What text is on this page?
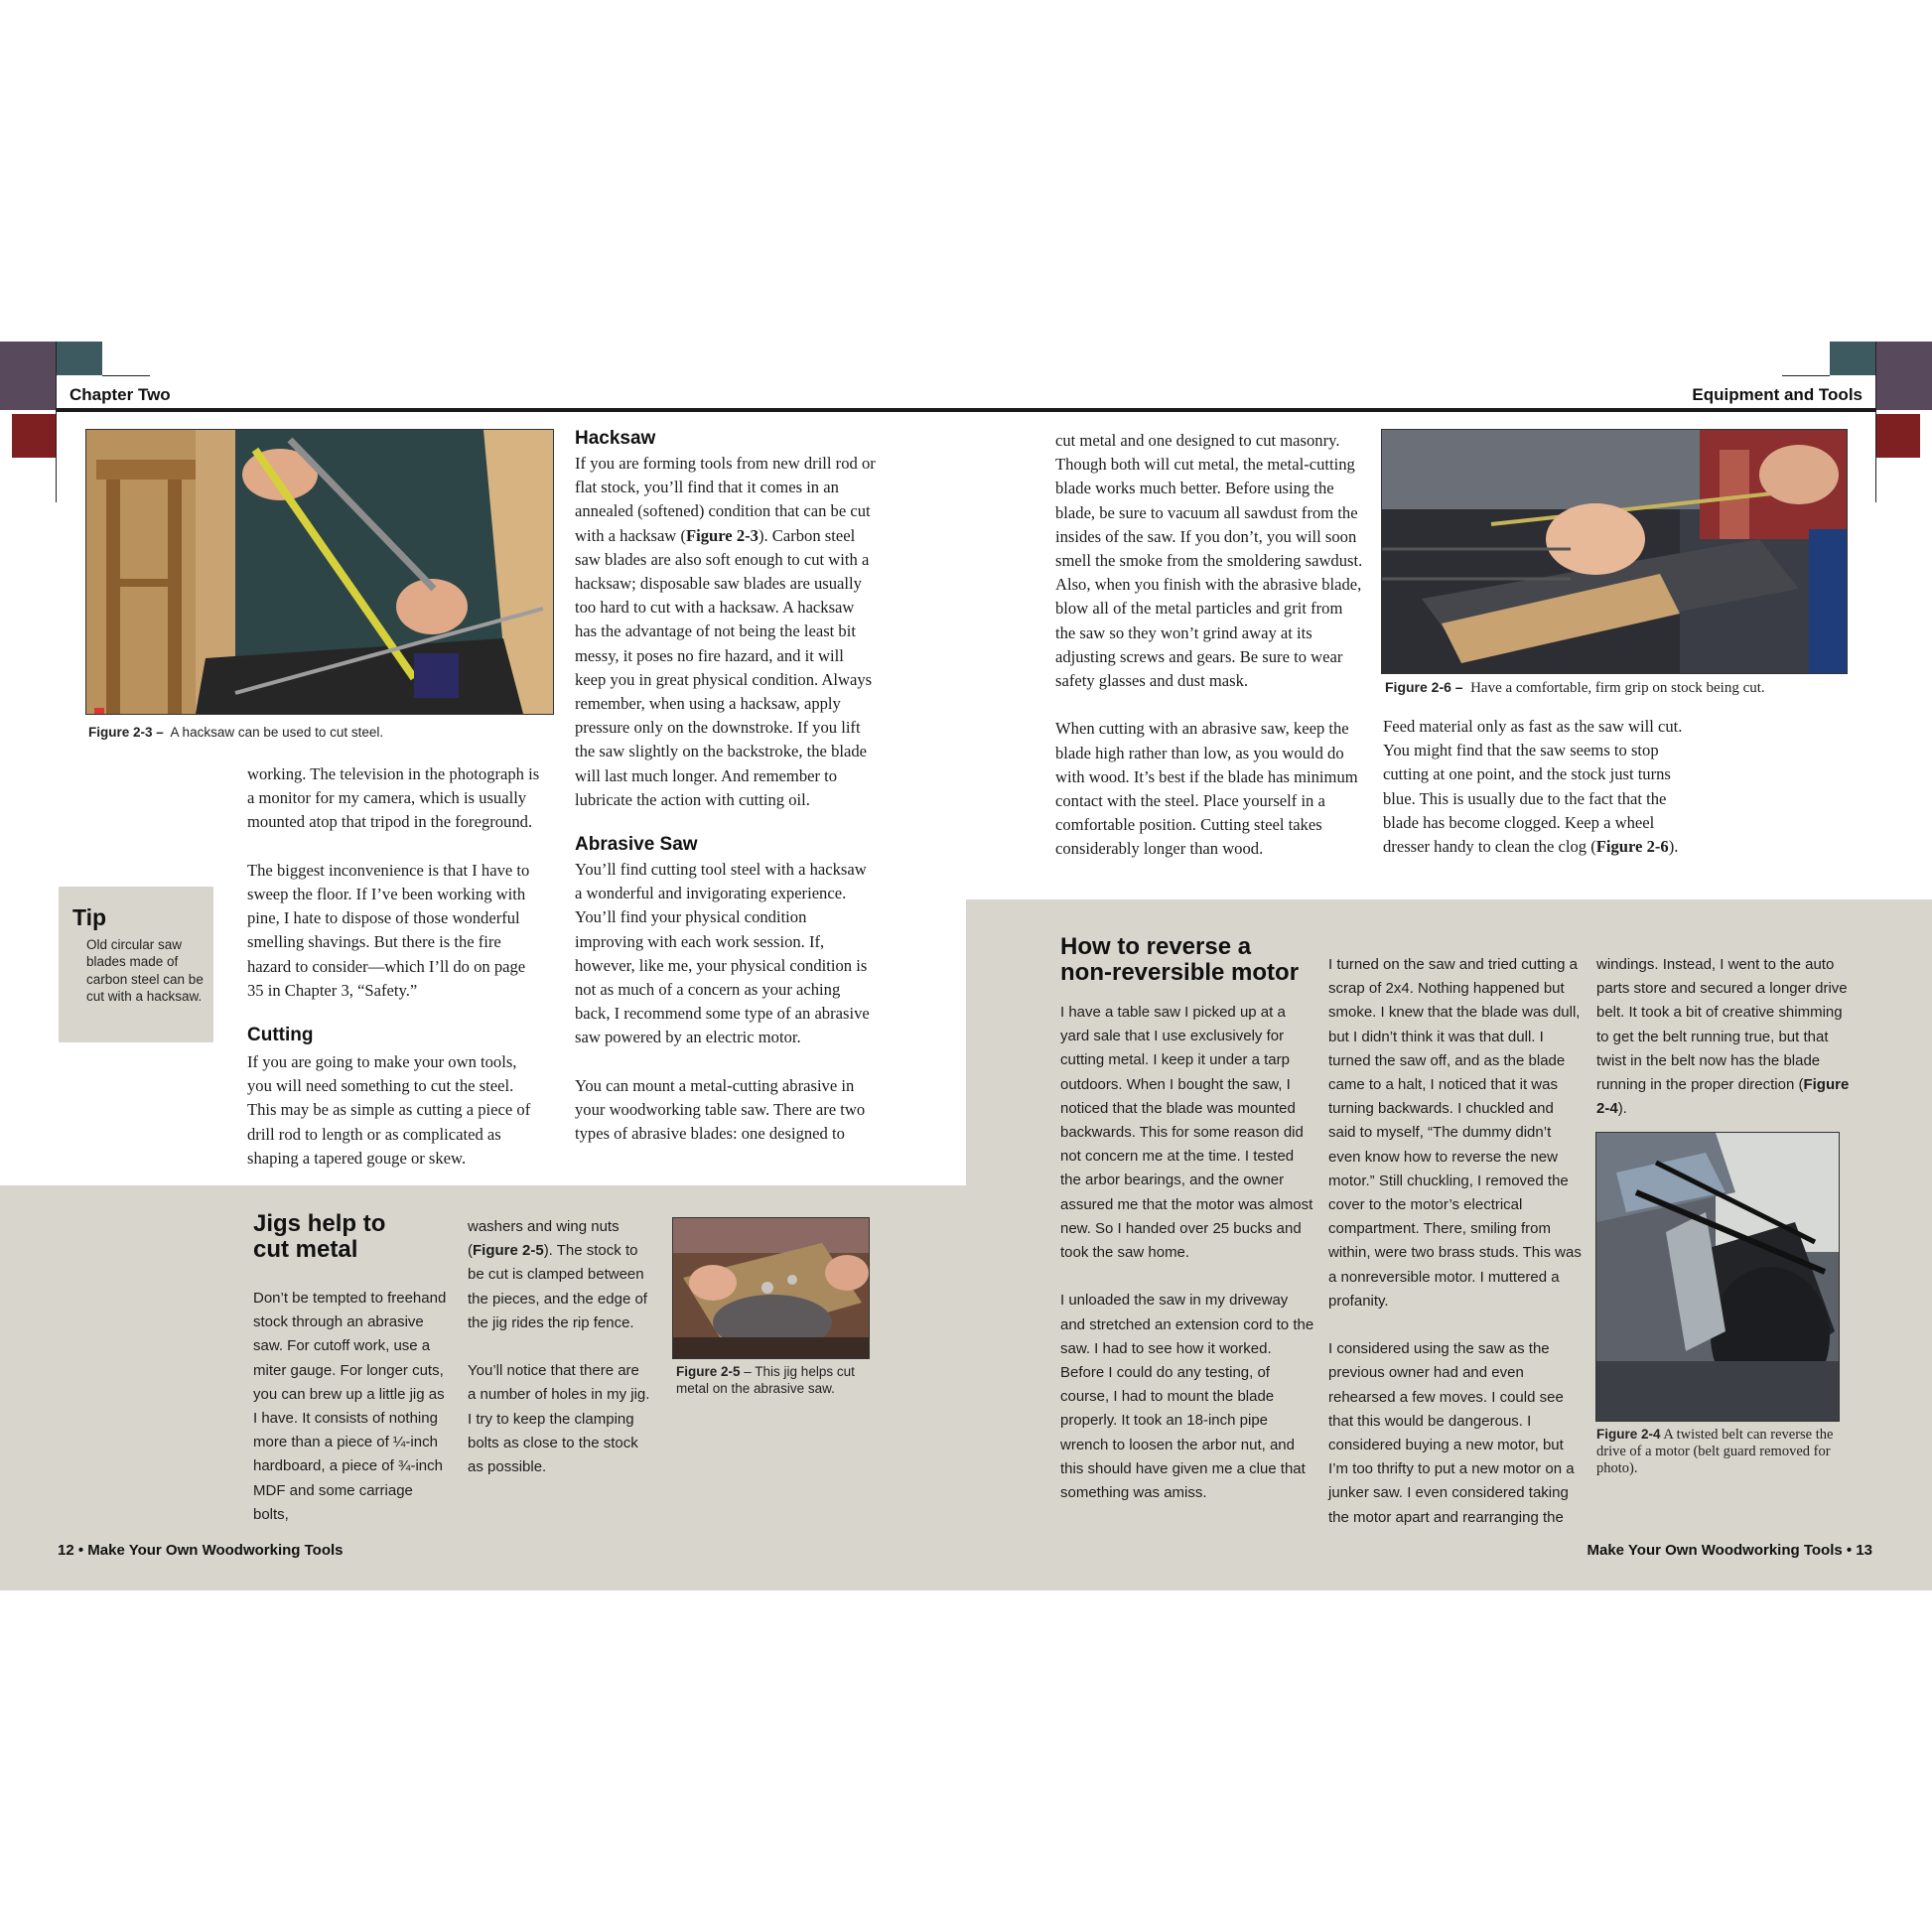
Chapter Two	Equipment and Tools
Figure 2-3 – A hacksaw can be used to cut steel.
Tip
Old circular saw blades made of carbon steel can be cut with a hacksaw.

working. The television in the photograph is a monitor for my camera, which is usually mounted atop that tripod in the foreground.

The biggest inconvenience is that I have to sweep the floor. If I’ve been working with pine, I hate to dispose of those wonderful smelling shavings. But there is the fire hazard to consider—which I’ll do on page 35 in Chapter 3, “Safety.”

Cutting

If you are going to make your own tools, you will need something to cut the steel. This may be as simple as cutting a piece of drill rod to length or as complicated as shaping a tapered gouge or skew.

Hacksaw

If you are forming tools from new drill rod or flat stock, you’ll find that it comes in an annealed (softened) condition that can be cut with a hacksaw (Figure 2-3). Carbon steel saw blades are also soft enough to cut with a hacksaw; disposable saw blades are usually too hard to cut with a hacksaw. A hacksaw has the advantage of not being the least bit messy, it poses no fire hazard, and it will keep you in great physical condition. Always remember, when using a hacksaw, apply pressure only on the downstroke. If you lift the saw slightly on the backstroke, the blade will last much longer. And remember to lubricate the action with cutting oil.

Abrasive Saw

You’ll find cutting tool steel with a hacksaw a wonderful and invigorating experience. You’ll find your physical condition improving with each work session. If, however, like me, your physical condition is not as much of a concern as your aching back, I recommend some type of an abrasive saw powered by an electric motor.

You can mount a metal-cutting abrasive in your woodworking table saw. There are two types of abrasive blades: one designed to

cut metal and one designed to cut masonry. Though both will cut metal, the metal-cutting blade works much better. Before using the blade, be sure to vacuum all sawdust from the insides of the saw. If you don’t, you will soon smell the smoke from the smoldering sawdust. Also, when you finish with the abrasive blade, blow all of the metal particles and grit from the saw so they won’t grind away at its adjusting screws and gears. Be sure to wear safety glasses and dust mask.

When cutting with an abrasive saw, keep the blade high rather than low, as you would do with wood. It’s best if the blade has minimum contact with the steel. Place yourself in a comfortable position. Cutting steel takes considerably longer than wood.

Figure 2-6 – Have a comfortable, firm grip on stock being cut.

Feed material only as fast as the saw will cut. You might find that the saw seems to stop cutting at one point, and the stock just turns blue. This is usually due to the fact that the blade has become clogged. Keep a wheel dresser handy to clean the clog (Figure 2-6).

Jigs help to
cut metal
Don’t be tempted to freehand stock through an abrasive saw. For cutoff work, use a miter gauge. For longer cuts, you can brew up a little jig as I have. It consists of nothing more than a piece of ¼-inch hardboard, a piece of ¾-inch MDF and some carriage bolts,

washers and wing nuts (Figure 2-5). The stock to be cut is clamped between the pieces, and the edge of the jig rides the rip fence.

You’ll notice that there are a number of holes in my jig. I try to keep the clamping bolts as close to the stock as possible.

Figure 2-5 – This jig helps cut metal on the abrasive saw.
How to reverse a
non-reversible motor

I have a table saw I picked up at a yard sale that I use exclusively for cutting metal. I keep it under a tarp outdoors. When I bought the saw, I noticed that the blade was mounted backwards. This for some reason did not concern me at the time. I tested the arbor bearings, and the owner assured me that the motor was almost new. So I handed over 25 bucks and took the saw home.

I unloaded the saw in my driveway and stretched an extension cord to the saw. I had to see how it worked. Before I could do any testing, of course, I had to mount the blade properly. It took an 18-inch pipe wrench to loosen the arbor nut, and this should have given me a clue that something was amiss.

I turned on the saw and tried cutting a scrap of 2x4. Nothing happened but smoke. I knew that the blade was dull, but I didn’t think it was that dull. I turned the saw off, and as the blade came to a halt, I noticed that it was turning backwards. I chuckled and said to myself, “The dummy didn’t even know how to reverse the new motor.” Still chuckling, I removed the cover to the motor’s electrical compartment. There, smiling from within, were two brass studs. This was a nonreversible motor. I muttered a profanity.

I considered using the saw as the previous owner had and even rehearsed a few moves. I could see that this would be dangerous. I considered buying a new motor, but I’m too thrifty to put a new motor on a junker saw. I even considered taking the motor apart and rearranging the

windings. Instead, I went to the auto parts store and secured a longer drive belt. It took a bit of creative shimming to get the belt running true, but that twist in the belt now has the blade running in the proper direction (Figure 2-4).

Figure 2-4 A twisted belt can reverse the drive of a motor (belt guard removed for photo).
12 • Make Your Own Woodworking Tools	Make Your Own Woodworking Tools • 13
